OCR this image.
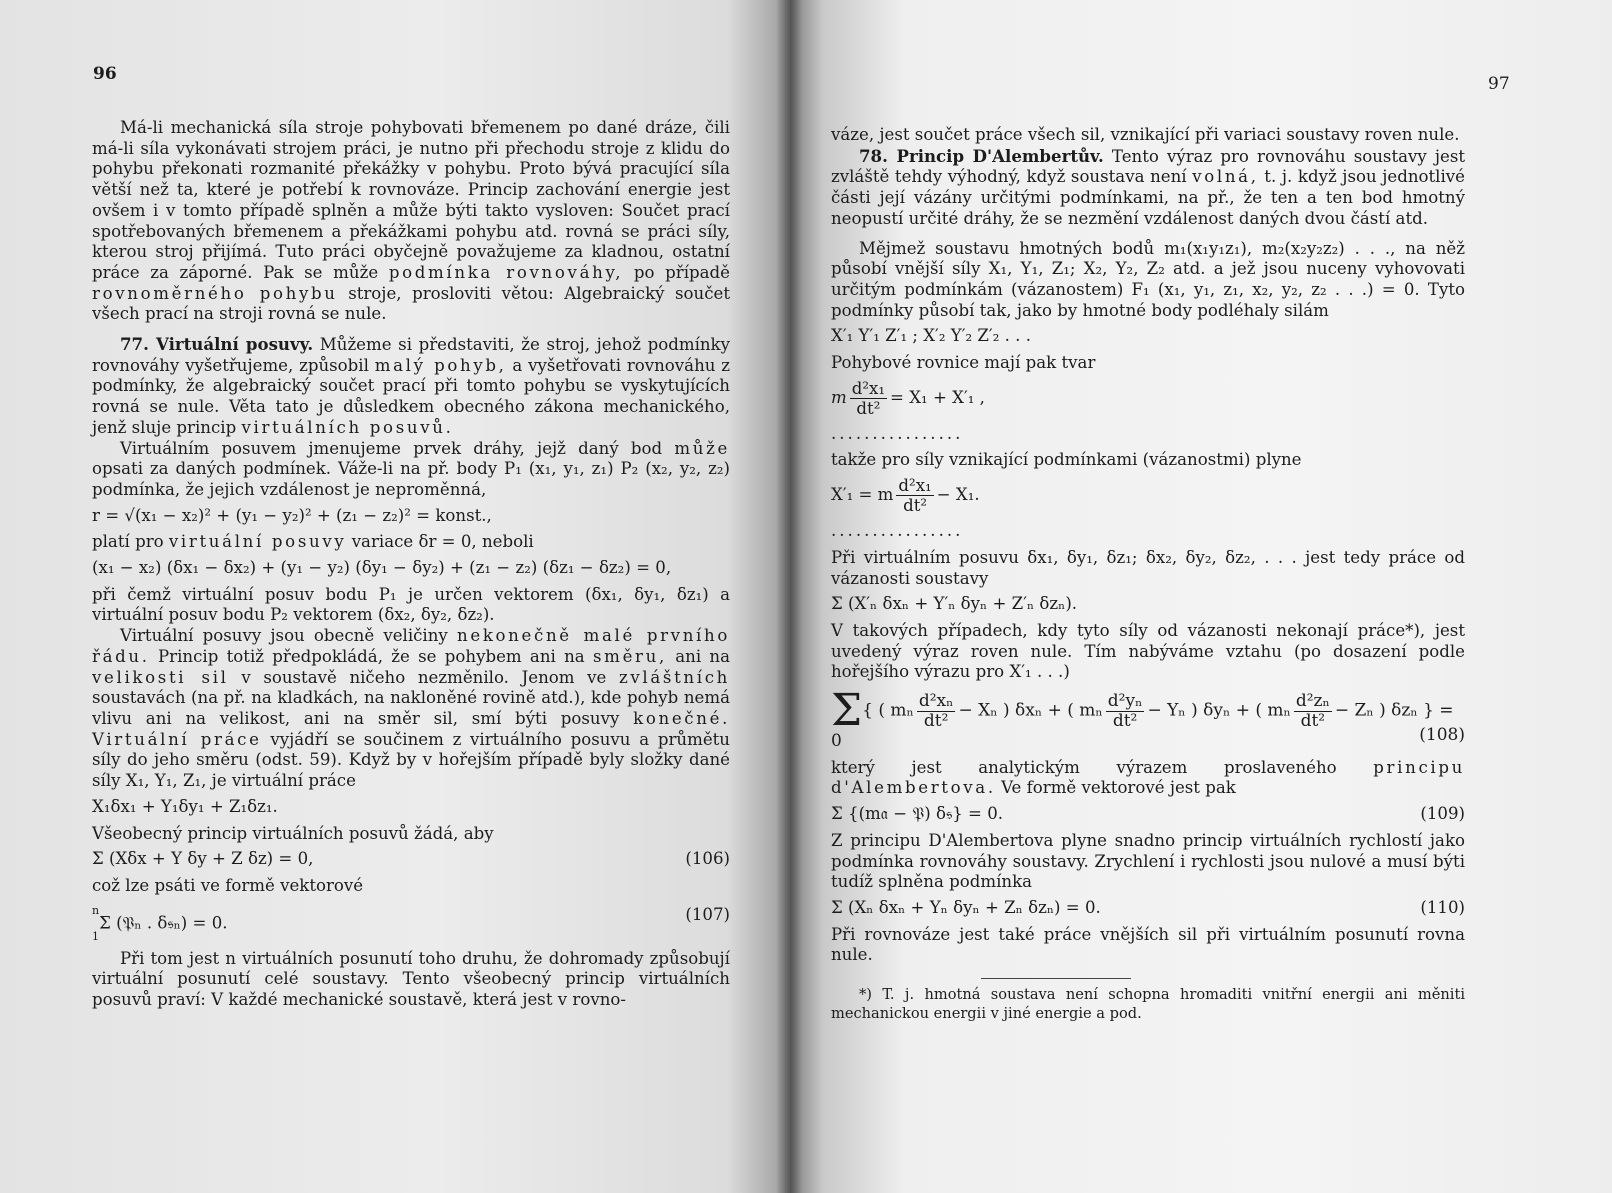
96

Má-li mechanická síla stroje pohybovati břemenem po dané dráze, čili má-li síla vykonávati strojem práci, je nutno při přechodu stroje z klidu do pohybu překonati rozmanité překážky v pohybu. Proto bývá pracující síla větší než ta, které je potřebí k rovnováze. Princip zachování energie jest ovšem i v tomto případě splněn a může býti takto vysloven: Součet prací spotřebovaných břemenem a překážkami pohybu atd. rovná se práci síly, kterou stroj přijímá. Tuto práci obyčejně považujeme za kladnou, ostatní práce za záporné. Pak se může podmínka rovnováhy, po případě rovnoměrného pohybu stroje, prosloviti větou: Algebraický součet všech prací na stroji rovná se nule.

77. Virtuální posuvy. Můžeme si představiti, že stroj, jehož podmínky rovnováhy vyšetřujeme, způsobil malý pohyb, a vyšetřovati rovnováhu z podmínky, že algebraický součet prací při tomto pohybu se vyskytujících rovná se nule. Věta tato je důsledkem obecného zákona mechanického, jenž sluje princip virtuálních posuvů.

Virtuálním posuvem jmenujeme prvek dráhy, jejž daný bod může opsati za daných podmínek. Váže-li na př. body P₁ (x₁, y₁, z₁) P₂ (x₂, y₂, z₂) podmínka, že jejich vzdálenost je neproměnná,

r = √(x₁ − x₂)² + (y₁ − y₂)² + (z₁ − z₂)² = konst.,

platí pro virtuální posuvy variace δr = 0, neboli

(x₁ − x₂) (δx₁ − δx₂) + (y₁ − y₂) (δy₁ − δy₂) + (z₁ − z₂) (δz₁ − δz₂) = 0,

při čemž virtuální posuv bodu P₁ je určen vektorem (δx₁, δy₁, δz₁) a virtuální posuv bodu P₂ vektorem (δx₂, δy₂, δz₂).

Virtuální posuvy jsou obecně veličiny nekonečně malé prvního řádu. Princip totiž předpokládá, že se pohybem ani na směru, ani na velikosti sil v soustavě ničeho nezměnilo. Jenom ve zvláštních soustavách (na př. na kladkách, na nakloněné rovině atd.), kde pohyb nemá vlivu ani na velikost, ani na směr sil, smí býti posuvy konečné. Virtuální práce vyjádří se součinem z virtuálního posuvu a průmětu síly do jeho směru (odst. 59). Když by v hořejším případě byly složky dané síly X₁, Y₁, Z₁, je virtuální práce

X₁δx₁ + Y₁δy₁ + Z₁δz₁.

Všeobecný princip virtuálních posuvů žádá, aby

Σ (Xδx + Y δy + Z δz) = 0,	(106)

což lze psáti ve formě vektorové

n
1
Σ (𝔓ₙ . δ𝔰ₙ) = 0.	(107)

Při tom jest n virtuálních posunutí toho druhu, že dohromady způsobují virtuální posunutí celé soustavy. Tento všeobecný princip virtuálních posuvů praví: V každé mechanické soustavě, která jest v rovno-

97

váze, jest součet práce všech sil, vznikající při variaci soustavy roven nule.

78. Princip D'Alembertův. Tento výraz pro rovnováhu soustavy jest zvláště tehdy výhodný, když soustava není volná, t. j. když jsou jednotlivé části její vázány určitými podmínkami, na př., že ten a ten bod hmotný neopustí určité dráhy, že se nezmění vzdálenost daných dvou částí atd.

Mějmež soustavu hmotných bodů m₁(x₁y₁z₁), m₂(x₂y₂z₂) . . ., na něž působí vnější síly X₁, Y₁, Z₁; X₂, Y₂, Z₂ atd. a jež jsou nuceny vyhovovati určitým podmínkám (vázanostem) F₁ (x₁, y₁, z₁, x₂, y₂, z₂ . . .) = 0. Tyto podmínky působí tak, jako by hmotné body podléhaly silám

X′₁ Y′₁ Z′₁ ; X′₂ Y′₂ Z′₂ . . .

Pohybové rovnice mají pak tvar

m $\frac{\text{d²x₁}}{\text{dt²}} = X_1 + X'_1$ ,

................

takže pro síly vznikající podmínkami (vázanostmi) plyne

X′₁ = m $\frac{\text{d²x₁}}{\text{dt²}} - X_1$.

................

Při virtuálním posuvu δx₁, δy₁, δz₁; δx₂, δy₂, δz₂, . . . jest tedy práce od vázanosti soustavy

Σ (X′ₙ δxₙ + Y′ₙ δyₙ + Z′ₙ δzₙ).

V takových případech, kdy tyto síly od vázanosti nekonají práce*), jest uvedený výraz roven nule. Tím nabýváme vztahu (po dosazení podle hořejšího výrazu pro X′₁ . . .)

Σ{ ( mₙ $\frac{\text{d²xₙ}}{\text{dt²}} - X_n$ ) δxₙ + ( mₙ $\frac{\text{d²yₙ}}{\text{dt²}} - Y_n$ ) δyₙ + ( mₙ $\frac{\text{d²zₙ}}{\text{dt²}} - Z_n$ ) δzₙ } = 0	(108)

který jest analytickým výrazem proslaveného principu d'Alembertova. Ve formě vektorové jest pak

Σ {(m𝔞 − 𝔓) δ𝔰} = 0.	(109)

Z principu D'Alembertova plyne snadno princip virtuálních rychlostí jako podmínka rovnováhy soustavy. Zrychlení i rychlosti jsou nulové a musí býti tudíž splněna podmínka

Σ (Xₙ δxₙ + Yₙ δyₙ + Zₙ δzₙ) = 0.	(110)

Při rovnováze jest také práce vnějších sil při virtuálním posunutí rovna nule.

*) T. j. hmotná soustava není schopna hromaditi vnitřní energii ani měniti mechanickou energii v jiné energie a pod.
